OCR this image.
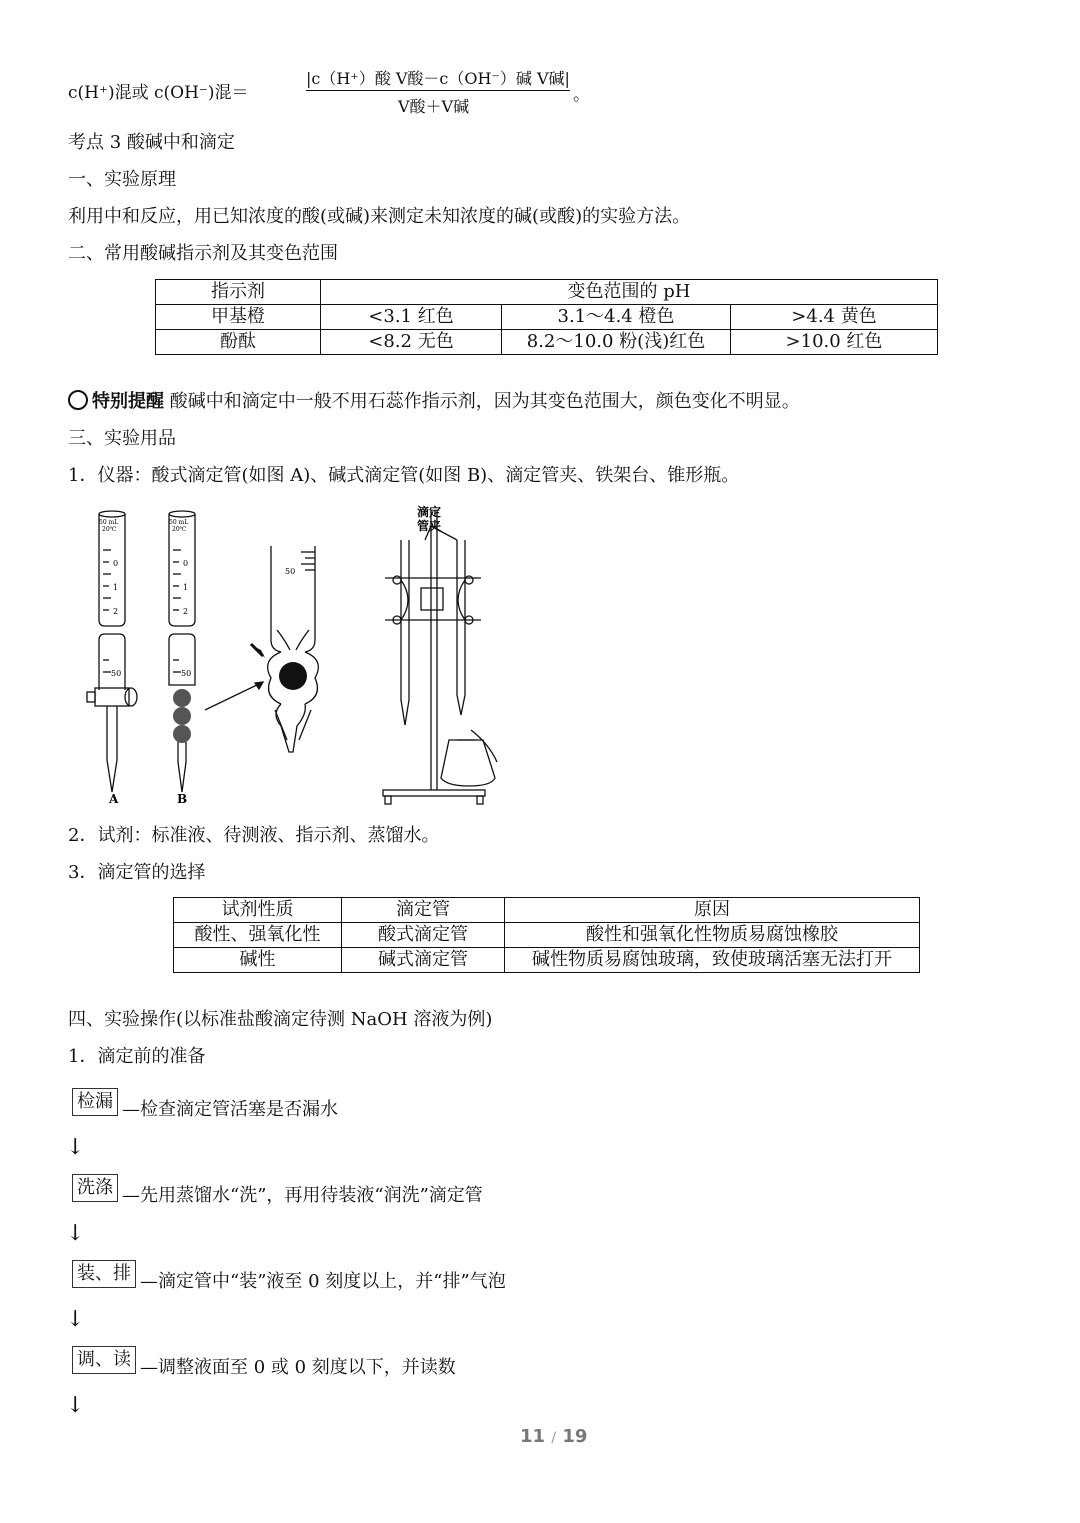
c(H⁺)混或 c(OH⁻)混＝
|c（H⁺）酸 V酸－c（OH⁻）碱 V碱|
V酸＋V碱
。
考点 3 酸碱中和滴定
一、实验原理
利用中和反应，用已知浓度的酸(或碱)来测定未知浓度的碱(或酸)的实验方法。
二、常用酸碱指示剂及其变色范围
指示剂	变色范围的 pH		
甲基橙	<3.1 红色	3.1～4.4 橙色	>4.4 黄色
酚酞	<8.2 无色	8.2～10.0 粉(浅)红色	>10.0 红色
特别提醒 酸碱中和滴定中一般不用石蕊作指示剂，因为其变色范围大，颜色变化不明显。
三、实验用品
1．仪器：酸式滴定管(如图 A)、碱式滴定管(如图 B)、滴定管夹、铁架台、锥形瓶。
50 mL
20℃
50 mL
20℃
0
1
2
0
1
2
50	50
50
A	B
滴定
管夹
2．试剂：标准液、待测液、指示剂、蒸馏水。
3．滴定管的选择
试剂性质	滴定管	原因
酸性、强氧化性	酸式滴定管	酸性和强氧化性物质易腐蚀橡胶
碱性	碱式滴定管	碱性物质易腐蚀玻璃，致使玻璃活塞无法打开
四、实验操作(以标准盐酸滴定待测 NaOH 溶液为例)
1．滴定前的准备
检漏 —检查滴定管活塞是否漏水
↓
洗涤 —先用蒸馏水“洗”，再用待装液“润洗”滴定管
↓
装、排 —滴定管中“装”液至 0 刻度以上，并“排”气泡
↓
调、读 —调整液面至 0 或 0 刻度以下，并读数
↓
11 / 19
